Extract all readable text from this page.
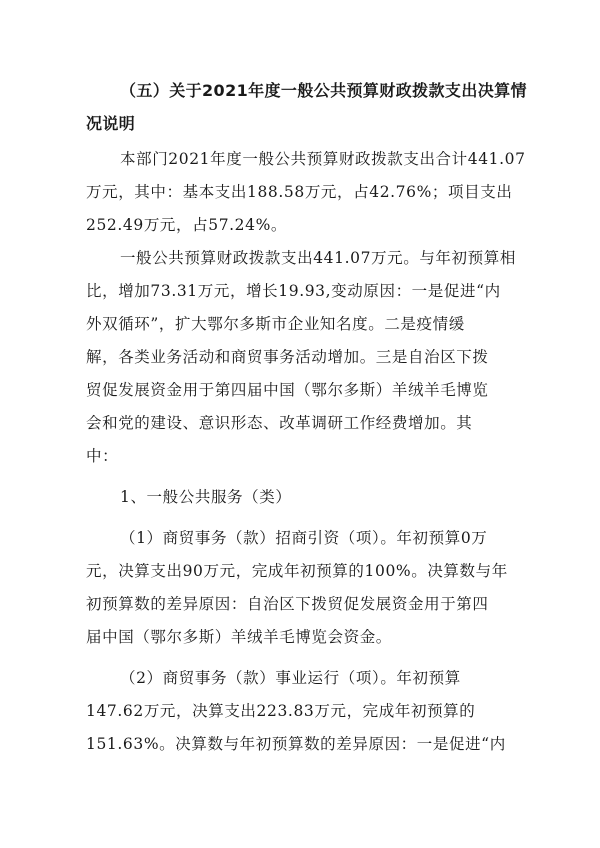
（五）关于2021年度一般公共预算财政拨款支出决算情

况说明

本部门2021年度一般公共预算财政拨款支出合计441.07

万元，其中：基本支出188.58万元，占42.76%；项目支出

252.49万元，占57.24%。

一般公共预算财政拨款支出441.07万元。与年初预算相

比，增加73.31万元，增长19.93,变动原因：一是促进“内

外双循环”，扩大鄂尔多斯市企业知名度。二是疫情缓

解，各类业务活动和商贸事务活动增加。三是自治区下拨

贸促发展资金用于第四届中国（鄂尔多斯）羊绒羊毛博览

会和党的建设、意识形态、改革调研工作经费增加。其

中：

1、一般公共服务（类）

（1）商贸事务（款）招商引资（项）。年初预算0万

元，决算支出90万元，完成年初预算的100%。决算数与年

初预算数的差异原因：自治区下拨贸促发展资金用于第四

届中国（鄂尔多斯）羊绒羊毛博览会资金。

（2）商贸事务（款）事业运行（项）。年初预算

147.62万元，决算支出223.83万元，完成年初预算的

151.63%。决算数与年初预算数的差异原因：一是促进“内
